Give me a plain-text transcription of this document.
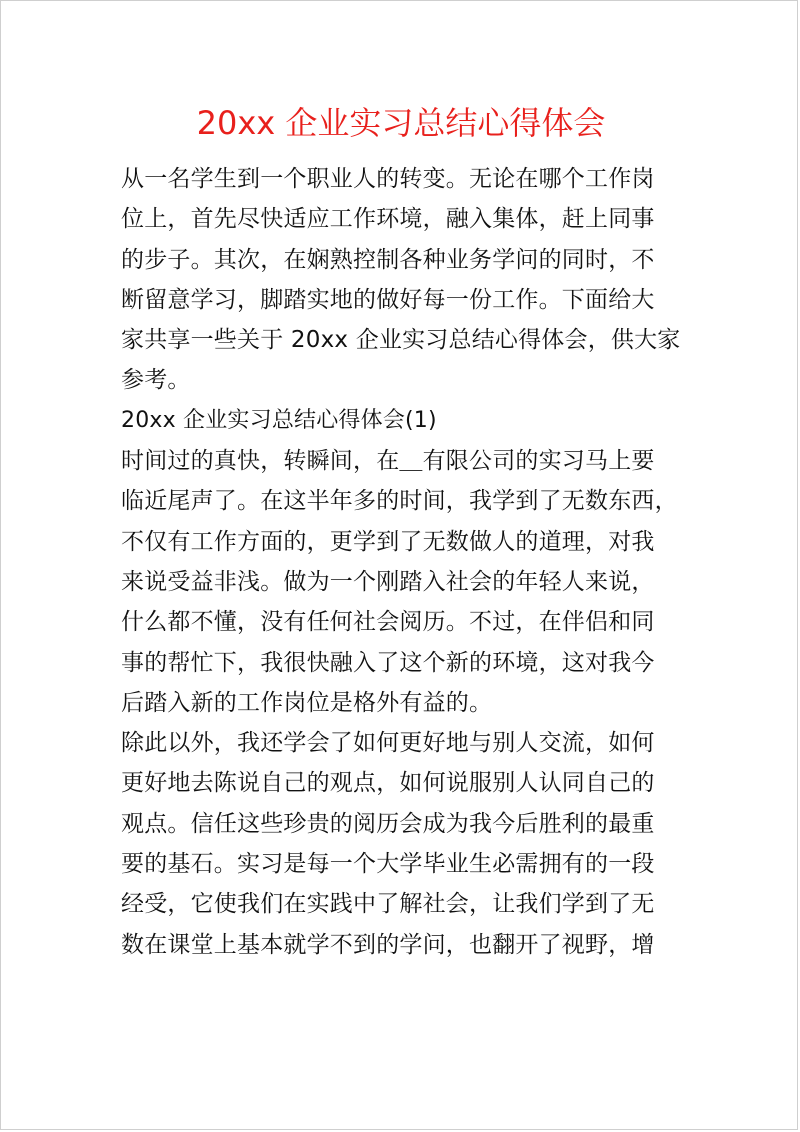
20xx 企业实习总结心得体会
从一名学生到一个职业人的转变。无论在哪个工作岗
位上，首先尽快适应工作环境，融入集体，赶上同事
的步子。其次，在娴熟控制各种业务学问的同时，不
断留意学习，脚踏实地的做好每一份工作。下面给大
家共享一些关于 20xx 企业实习总结心得体会，供大家
参考。
20xx 企业实习总结心得体会(1)
时间过的真快，转瞬间，在＿有限公司的实习马上要
临近尾声了。在这半年多的时间，我学到了无数东西，
不仅有工作方面的，更学到了无数做人的道理，对我
来说受益非浅。做为一个刚踏入社会的年轻人来说，
什么都不懂，没有任何社会阅历。不过，在伴侣和同
事的帮忙下，我很快融入了这个新的环境，这对我今
后踏入新的工作岗位是格外有益的。
除此以外，我还学会了如何更好地与别人交流，如何
更好地去陈说自己的观点，如何说服别人认同自己的
观点。信任这些珍贵的阅历会成为我今后胜利的最重
要的基石。实习是每一个大学毕业生必需拥有的一段
经受，它使我们在实践中了解社会，让我们学到了无
数在课堂上基本就学不到的学问，也翻开了视野，增
